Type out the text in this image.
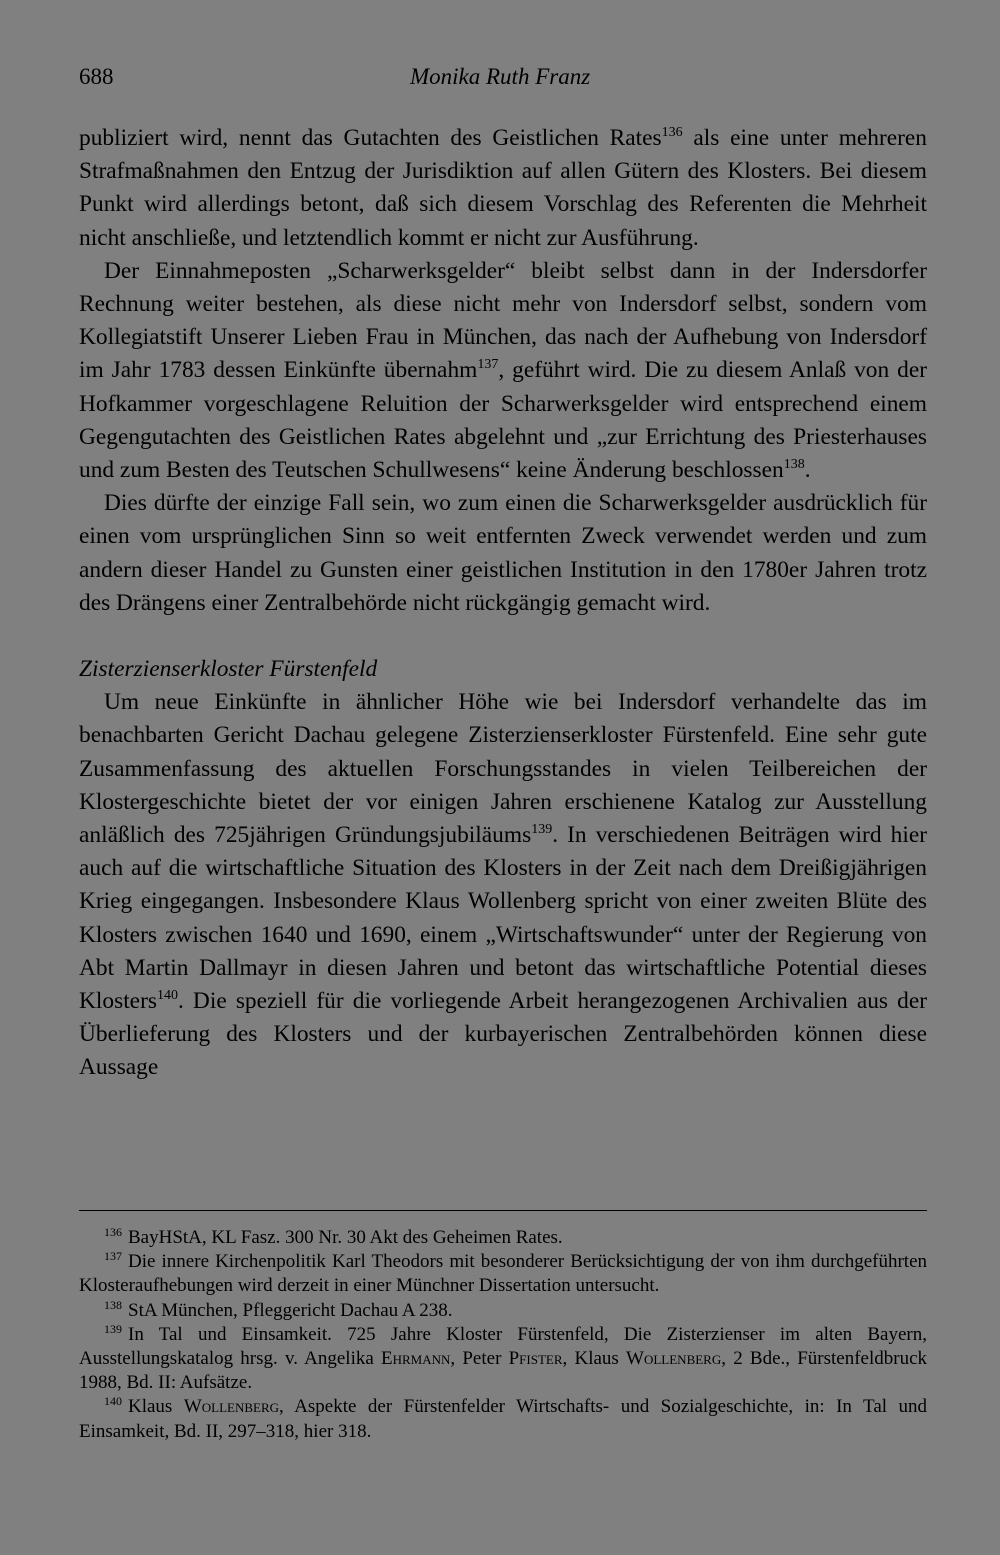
688	Monika Ruth Franz

publiziert wird, nennt das Gutachten des Geistlichen Rates$^{136}$ als eine unter mehreren Strafmaßnahmen den Entzug der Jurisdiktion auf allen Gütern des Klosters. Bei diesem Punkt wird allerdings betont, daß sich diesem Vorschlag des Referenten die Mehrheit nicht anschließe, und letztendlich kommt er nicht zur Ausführung.

Der Einnahmeposten „Scharwerksgelder“ bleibt selbst dann in der Indersdorfer Rechnung weiter bestehen, als diese nicht mehr von Indersdorf selbst, sondern vom Kollegiatstift Unserer Lieben Frau in München, das nach der Aufhebung von Indersdorf im Jahr 1783 dessen Einkünfte übernahm$^{137}$, geführt wird. Die zu diesem Anlaß von der Hofkammer vorgeschlagene Reluition der Scharwerksgelder wird entsprechend einem Gegengutachten des Geistlichen Rates abgelehnt und „zur Errichtung des Priesterhauses und zum Besten des Teutschen Schullwesens“ keine Änderung beschlossen$^{138}$.

Dies dürfte der einzige Fall sein, wo zum einen die Scharwerksgelder ausdrücklich für einen vom ursprünglichen Sinn so weit entfernten Zweck verwendet werden und zum andern dieser Handel zu Gunsten einer geistlichen Institution in den 1780er Jahren trotz des Drängens einer Zentralbehörde nicht rückgängig gemacht wird.

Zisterzienserkloster Fürstenfeld

Um neue Einkünfte in ähnlicher Höhe wie bei Indersdorf verhandelte das im benachbarten Gericht Dachau gelegene Zisterzienserkloster Fürstenfeld. Eine sehr gute Zusammenfassung des aktuellen Forschungsstandes in vielen Teilbereichen der Klostergeschichte bietet der vor einigen Jahren erschienene Katalog zur Ausstellung anläßlich des 725jährigen Gründungsjubiläums$^{139}$. In verschiedenen Beiträgen wird hier auch auf die wirtschaftliche Situation des Klosters in der Zeit nach dem Dreißigjährigen Krieg eingegangen. Insbesondere Klaus Wollenberg spricht von einer zweiten Blüte des Klosters zwischen 1640 und 1690, einem „Wirtschaftswunder“ unter der Regierung von Abt Martin Dallmayr in diesen Jahren und betont das wirtschaftliche Potential dieses Klosters$^{140}$. Die speziell für die vorliegende Arbeit herangezogenen Archivalien aus der Überlieferung des Klosters und der kurbayerischen Zentralbehörden können diese Aussage

$^{136}$ BayHStA, KL Fasz. 300 Nr. 30 Akt des Geheimen Rates.

$^{137}$ Die innere Kirchenpolitik Karl Theodors mit besonderer Berücksichtigung der von ihm durchgeführten Klosteraufhebungen wird derzeit in einer Münchner Dissertation untersucht.

$^{138}$ StA München, Pfleggericht Dachau A 238.

$^{139}$ In Tal und Einsamkeit. 725 Jahre Kloster Fürstenfeld, Die Zisterzienser im alten Bayern, Ausstellungskatalog hrsg. v. Angelika Ehrmann, Peter Pfister, Klaus Wollenberg, 2 Bde., Fürstenfeldbruck 1988, Bd. II: Aufsätze.

$^{140}$ Klaus Wollenberg, Aspekte der Fürstenfelder Wirtschafts- und Sozialgeschichte, in: In Tal und Einsamkeit, Bd. II, 297–318, hier 318.
